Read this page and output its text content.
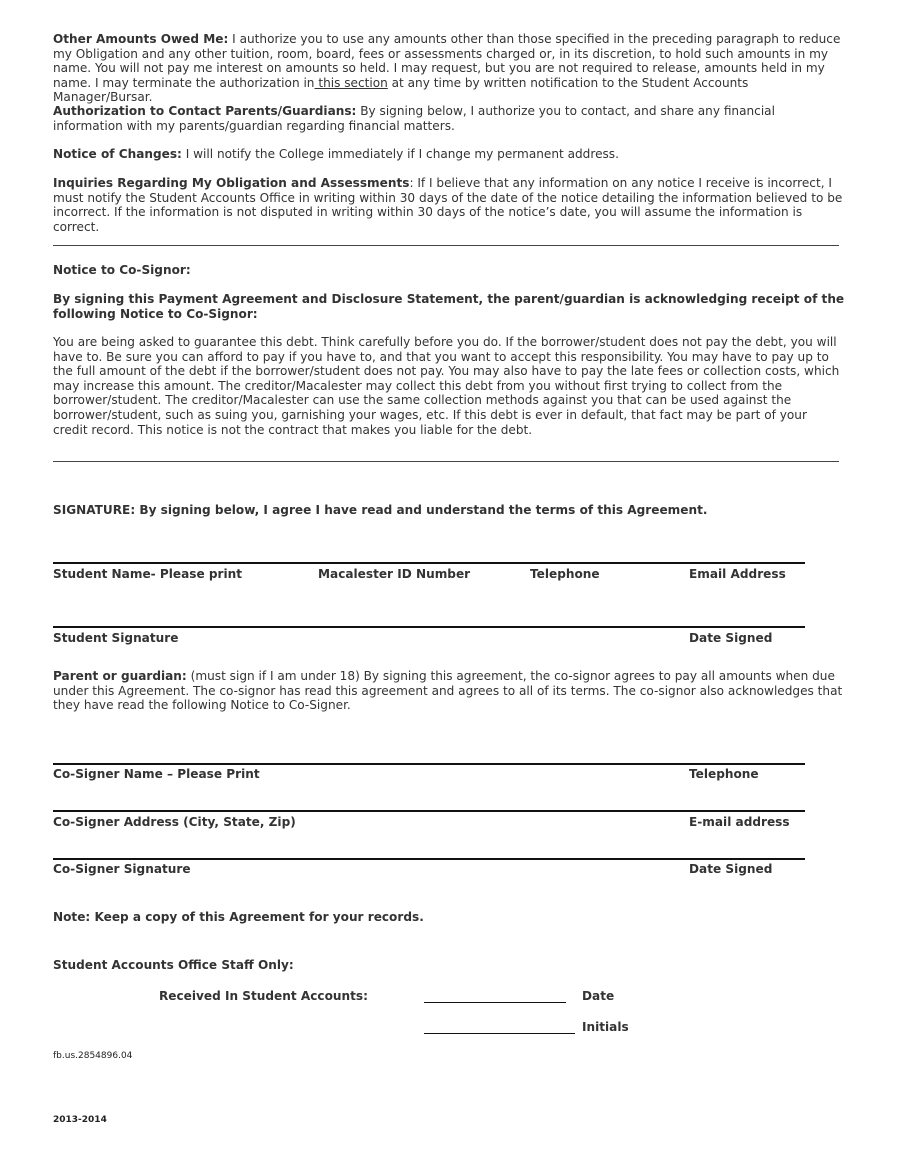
Other Amounts Owed Me: I authorize you to use any amounts other than those specified in the preceding paragraph to reduce my Obligation and any other tuition, room, board, fees or assessments charged or, in its discretion, to hold such amounts in my name. You will not pay me interest on amounts so held. I may request, but you are not required to release, amounts held in my name. I may terminate the authorization in this section at any time by written notification to the Student Accounts Manager/Bursar.
Authorization to Contact Parents/Guardians: By signing below, I authorize you to contact, and share any financial information with my parents/guardian regarding financial matters.
Notice of Changes: I will notify the College immediately if I change my permanent address.
Inquiries Regarding My Obligation and Assessments: If I believe that any information on any notice I receive is incorrect, I must notify the Student Accounts Office in writing within 30 days of the date of the notice detailing the information believed to be incorrect. If the information is not disputed in writing within 30 days of the notice’s date, you will assume the information is correct.
Notice to Co-Signor:
By signing this Payment Agreement and Disclosure Statement, the parent/guardian is acknowledging receipt of the following Notice to Co-Signor:
You are being asked to guarantee this debt. Think carefully before you do. If the borrower/student does not pay the debt, you will have to. Be sure you can afford to pay if you have to, and that you want to accept this responsibility. You may have to pay up to the full amount of the debt if the borrower/student does not pay. You may also have to pay the late fees or collection costs, which may increase this amount. The creditor/Macalester may collect this debt from you without first trying to collect from the borrower/student. The creditor/Macalester can use the same collection methods against you that can be used against the borrower/student, such as suing you, garnishing your wages, etc. If this debt is ever in default, that fact may be part of your credit record. This notice is not the contract that makes you liable for the debt.
SIGNATURE: By signing below, I agree I have read and understand the terms of this Agreement.
Student Name- Please print	Macalester ID Number	Telephone	Email Address
Student Signature	Date Signed
Parent or guardian: (must sign if I am under 18) By signing this agreement, the co-signor agrees to pay all amounts when due under this Agreement. The co-signor has read this agreement and agrees to all of its terms. The co-signor also acknowledges that they have read the following Notice to Co-Signer.
Co-Signer Name – Please Print	Telephone
Co-Signer Address (City, State, Zip)	E-mail address
Co-Signer Signature	Date Signed
Note: Keep a copy of this Agreement for your records.
Student Accounts Office Staff Only:
Received In Student Accounts:	Date
Initials
fb.us.2854896.04
2013-2014
